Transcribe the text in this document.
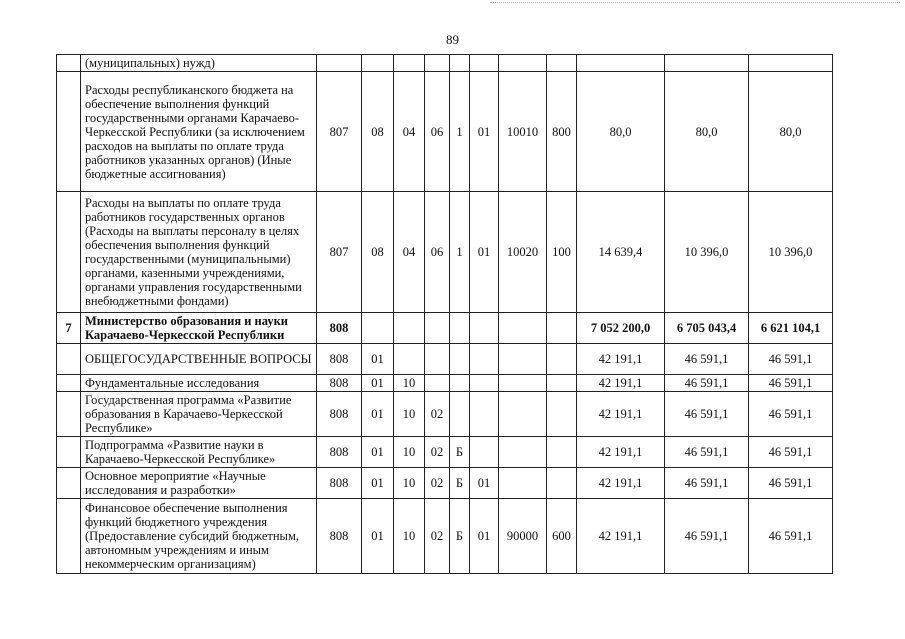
89
	(муниципальных) нужд)											
	Расходы республиканского бюджета на обеспечение выполнения функций государственными органами Карачаево-Черкесской Республики (за исключением расходов на выплаты по оплате труда работников указанных органов) (Иные бюджетные ассигнования)	807	08	04	06	1	01	10010	800	80,0	80,0	80,0
	Расходы на выплаты по оплате труда работников государственных органов (Расходы на выплаты персоналу в целях обеспечения выполнения функций государственными (муниципальными) органами, казенными учреждениями, органами управления государственными внебюджетными фондами)	807	08	04	06	1	01	10020	100	14 639,4	10 396,0	10 396,0
7	Министерство образования и науки Карачаево-Черкесской Республики	808								7 052 200,0	6 705 043,4	6 621 104,1
	ОБЩЕГОСУДАРСТВЕННЫЕ ВОПРОСЫ	808	01							42 191,1	46 591,1	46 591,1
	Фундаментальные исследования	808	01	10						42 191,1	46 591,1	46 591,1
	Государственная программа «Развитие образования в Карачаево-Черкесской Республике»	808	01	10	02					42 191,1	46 591,1	46 591,1
	Подпрограмма «Развитие науки в Карачаево-Черкесской Республике»	808	01	10	02	Б				42 191,1	46 591,1	46 591,1
	Основное мероприятие «Научные исследования и разработки»	808	01	10	02	Б	01			42 191,1	46 591,1	46 591,1
	Финансовое обеспечение выполнения функций бюджетного учреждения (Предоставление субсидий бюджетным, автономным учреждениям и иным некоммерческим организациям)	808	01	10	02	Б	01	90000	600	42 191,1	46 591,1	46 591,1
